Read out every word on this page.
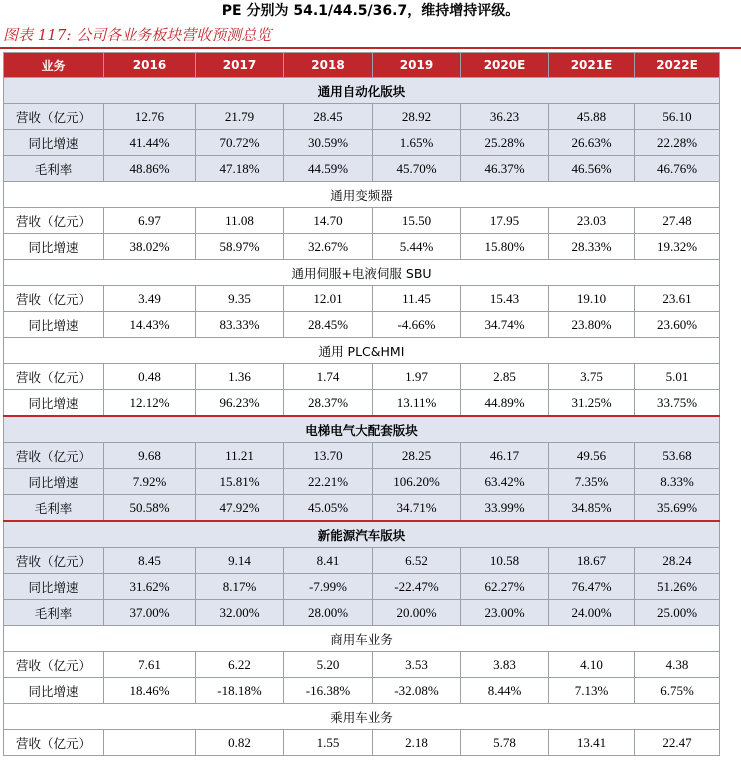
PE 分别为 54.1/44.5/36.7，维持增持评级。
图表 117: 公司各业务板块营收预测总览
业务	2016	2017	2018	2019	2020E	2021E	2022E
通用自动化版块							
营收（亿元）	12.76	21.79	28.45	28.92	36.23	45.88	56.10
同比增速	41.44%	70.72%	30.59%	1.65%	25.28%	26.63%	22.28%
毛利率	48.86%	47.18%	44.59%	45.70%	46.37%	46.56%	46.76%
通用变频器							
营收（亿元）	6.97	11.08	14.70	15.50	17.95	23.03	27.48
同比增速	38.02%	58.97%	32.67%	5.44%	15.80%	28.33%	19.32%
通用伺服+电液伺服 SBU							
营收（亿元）	3.49	9.35	12.01	11.45	15.43	19.10	23.61
同比增速	14.43%	83.33%	28.45%	-4.66%	34.74%	23.80%	23.60%
通用 PLC&HMI							
营收（亿元）	0.48	1.36	1.74	1.97	2.85	3.75	5.01
同比增速	12.12%	96.23%	28.37%	13.11%	44.89%	31.25%	33.75%
电梯电气大配套版块							
营收（亿元）	9.68	11.21	13.70	28.25	46.17	49.56	53.68
同比增速	7.92%	15.81%	22.21%	106.20%	63.42%	7.35%	8.33%
毛利率	50.58%	47.92%	45.05%	34.71%	33.99%	34.85%	35.69%
新能源汽车版块							
营收（亿元）	8.45	9.14	8.41	6.52	10.58	18.67	28.24
同比增速	31.62%	8.17%	-7.99%	-22.47%	62.27%	76.47%	51.26%
毛利率	37.00%	32.00%	28.00%	20.00%	23.00%	24.00%	25.00%
商用车业务							
营收（亿元）	7.61	6.22	5.20	3.53	3.83	4.10	4.38
同比增速	18.46%	-18.18%	-16.38%	-32.08%	8.44%	7.13%	6.75%
乘用车业务							
营收（亿元）		0.82	1.55	2.18	5.78	13.41	22.47
